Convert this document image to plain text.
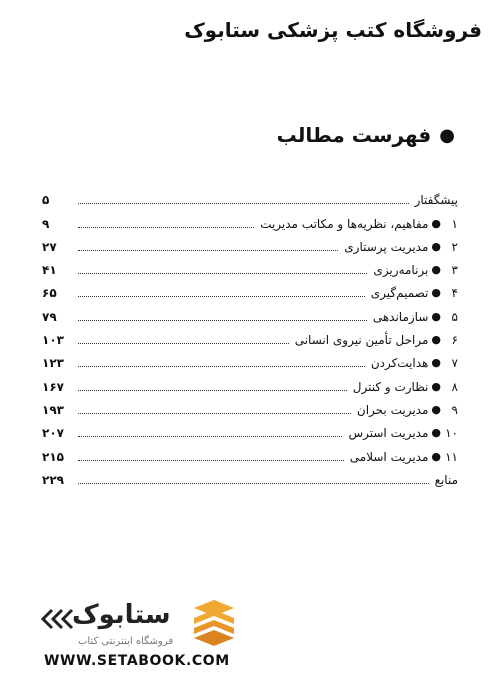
فروشگاه کتب پزشکی ستابوک
●
فهرست مطالب
پیشگفتار
۵
۱
●
مفاهیم، نظریه‌ها و مکاتب مدیریت
۹
۲
●
مدیریت پرستاری
۲۷
۳
●
برنامه‌ریزی
۴۱
۴
●
تصمیم‌گیری
۶۵
۵
●
سازماندهی
۷۹
۶
●
مراحل تأمین نیروی انسانی
۱۰۳
۷
●
هدایت‌کردن
۱۲۳
۸
●
نظارت و کنترل
۱۶۷
۹
●
مدیریت بحران
۱۹۳
۱۰
●
مدیریت استرس
۲۰۷
۱۱
●
مدیریت اسلامی
۲۱۵
منابع
۲۲۹
ستابوک
فروشگاه اینترنتی کتاب
WWW.SETABOOK.COM
